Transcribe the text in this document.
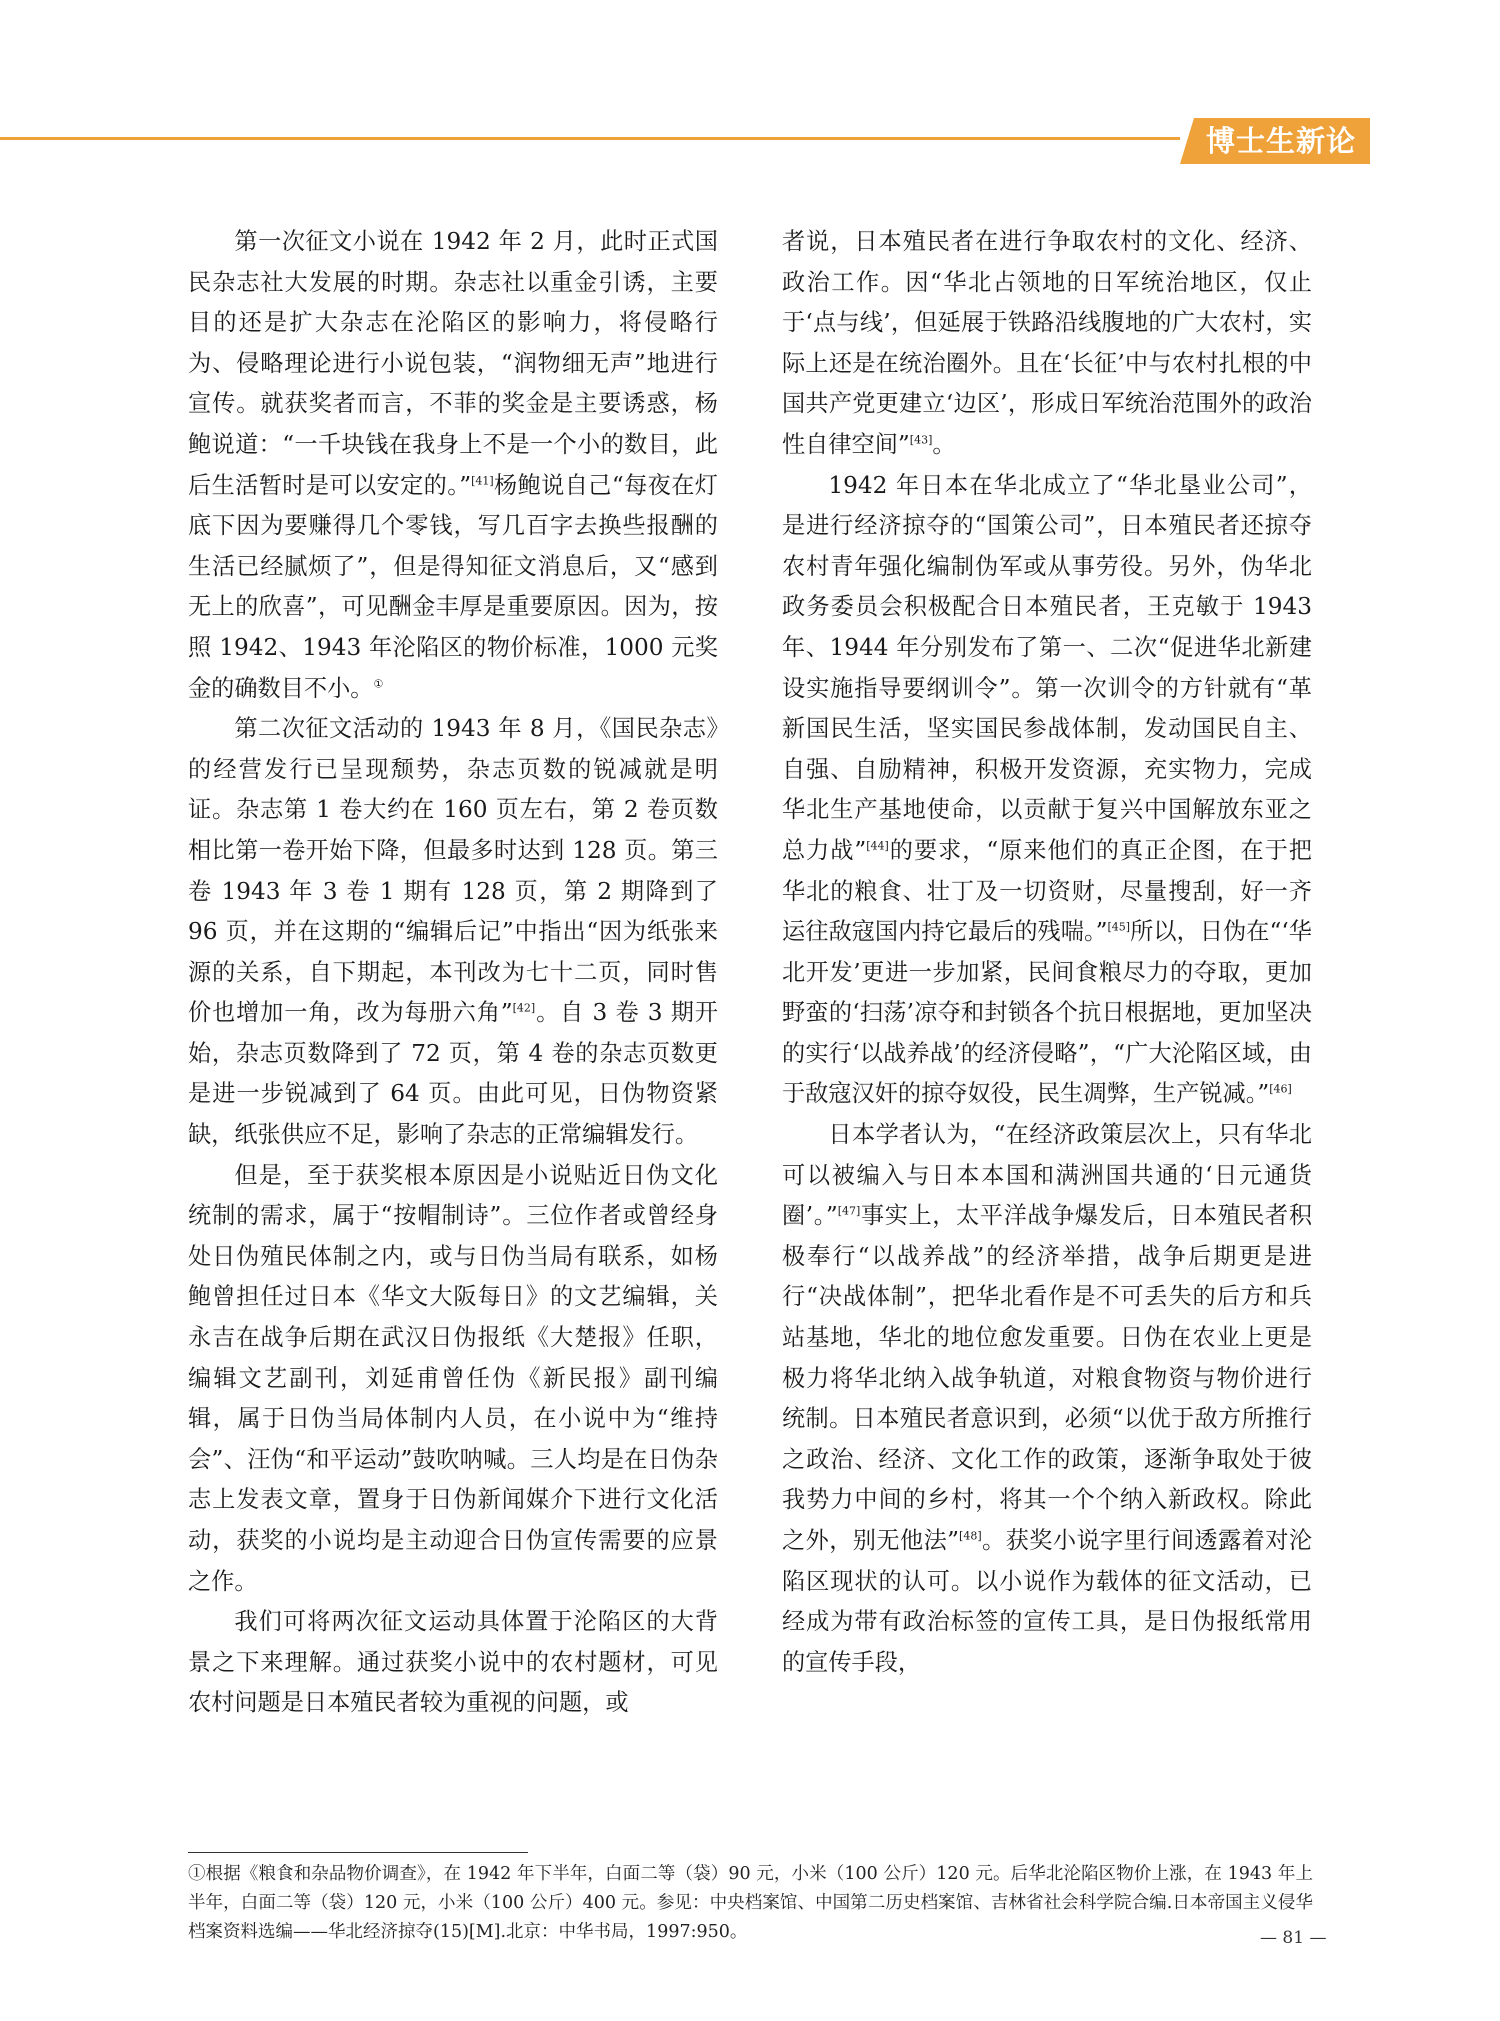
博士生新论

第一次征文小说在 1942 年 2 月，此时正式国民杂志社大发展的时期。杂志社以重金引诱，主要目的还是扩大杂志在沦陷区的影响力，将侵略行为、侵略理论进行小说包装，“润物细无声”地进行宣传。就获奖者而言，不菲的奖金是主要诱惑，杨鲍说道：“一千块钱在我身上不是一个小的数目，此后生活暂时是可以安定的。”[41]杨鲍说自己“每夜在灯底下因为要赚得几个零钱，写几百字去换些报酬的生活已经腻烦了”，但是得知征文消息后，又“感到无上的欣喜”，可见酬金丰厚是重要原因。因为，按照 1942、1943 年沦陷区的物价标准，1000 元奖金的确数目不小。①

第二次征文活动的 1943 年 8 月，《国民杂志》的经营发行已呈现颓势，杂志页数的锐减就是明证。杂志第 1 卷大约在 160 页左右，第 2 卷页数相比第一卷开始下降，但最多时达到 128 页。第三卷 1943 年 3 卷 1 期有 128 页，第 2 期降到了 96 页，并在这期的“编辑后记”中指出“因为纸张来源的关系，自下期起，本刊改为七十二页，同时售价也增加一角，改为每册六角”[42]。自 3 卷 3 期开始，杂志页数降到了 72 页，第 4 卷的杂志页数更是进一步锐减到了 64 页。由此可见，日伪物资紧缺，纸张供应不足，影响了杂志的正常编辑发行。

但是，至于获奖根本原因是小说贴近日伪文化统制的需求，属于“按帽制诗”。三位作者或曾经身处日伪殖民体制之内，或与日伪当局有联系，如杨鲍曾担任过日本《华文大阪每日》的文艺编辑，关永吉在战争后期在武汉日伪报纸《大楚报》任职，编辑文艺副刊，刘延甫曾任伪《新民报》副刊编辑，属于日伪当局体制内人员，在小说中为“维持会”、汪伪“和平运动”鼓吹呐喊。三人均是在日伪杂志上发表文章，置身于日伪新闻媒介下进行文化活动，获奖的小说均是主动迎合日伪宣传需要的应景之作。

我们可将两次征文运动具体置于沦陷区的大背景之下来理解。通过获奖小说中的农村题材，可见农村问题是日本殖民者较为重视的问题，或

者说，日本殖民者在进行争取农村的文化、经济、政治工作。因“华北占领地的日军统治地区，仅止于‘点与线’，但延展于铁路沿线腹地的广大农村，实际上还是在统治圈外。且在‘长征’中与农村扎根的中国共产党更建立‘边区’，形成日军统治范围外的政治性自律空间”[43]。

1942 年日本在华北成立了“华北垦业公司”，是进行经济掠夺的“国策公司”，日本殖民者还掠夺农村青年强化编制伪军或从事劳役。另外，伪华北政务委员会积极配合日本殖民者，王克敏于 1943 年、1944 年分别发布了第一、二次“促进华北新建设实施指导要纲训令”。第一次训令的方针就有“革新国民生活，坚实国民参战体制，发动国民自主、自强、自励精神，积极开发资源，充实物力，完成华北生产基地使命，以贡献于复兴中国解放东亚之总力战”[44]的要求，“原来他们的真正企图，在于把华北的粮食、壮丁及一切资财，尽量搜刮，好一齐运往敌寇国内持它最后的残喘。”[45]所以，日伪在“‘华北开发’更进一步加紧，民间食粮尽力的夺取，更加野蛮的‘扫荡’凉夺和封锁各个抗日根据地，更加坚决的实行‘以战养战’的经济侵略”，“广大沦陷区域，由于敌寇汉奸的掠夺奴役，民生凋弊，生产锐减。”[46]

日本学者认为，“在经济政策层次上，只有华北可以被编入与日本本国和满洲国共通的‘日元通货圈’。”[47]事实上，太平洋战争爆发后，日本殖民者积极奉行“以战养战”的经济举措，战争后期更是进行“决战体制”，把华北看作是不可丢失的后方和兵站基地，华北的地位愈发重要。日伪在农业上更是极力将华北纳入战争轨道，对粮食物资与物价进行统制。日本殖民者意识到，必须“以优于敌方所推行之政治、经济、文化工作的政策，逐渐争取处于彼我势力中间的乡村，将其一个个纳入新政权。除此之外，别无他法”[48]。获奖小说字里行间透露着对沦陷区现状的认可。以小说作为载体的征文活动，已经成为带有政治标签的宣传工具，是日伪报纸常用的宣传手段，

①根据《粮食和杂品物价调查》，在 1942 年下半年，白面二等（袋）90 元，小米（100 公斤）120 元。后华北沦陷区物价上涨，在 1943 年上半年，白面二等（袋）120 元，小米（100 公斤）400 元。参见：中央档案馆、中国第二历史档案馆、吉林省社会科学院合编.日本帝国主义侵华档案资料选编——华北经济掠夺(15)[M].北京：中华书局，1997:950。	— 81 —
